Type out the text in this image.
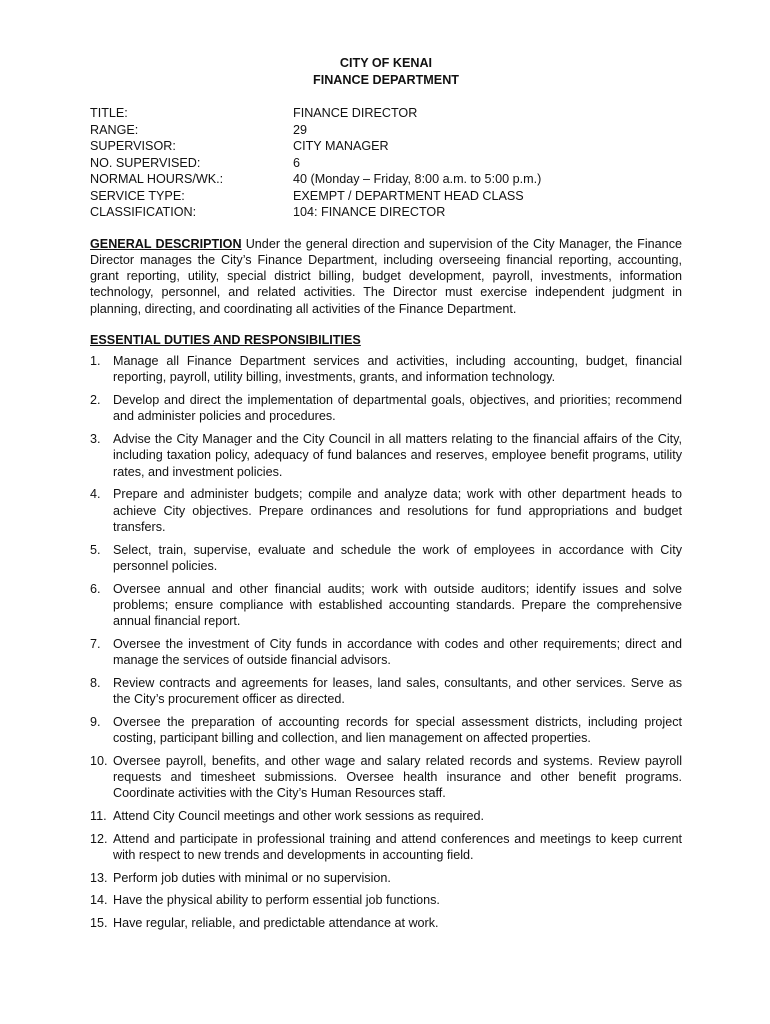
CITY OF KENAI
FINANCE DEPARTMENT
TITLE:	FINANCE DIRECTOR
RANGE:	29
SUPERVISOR:	CITY MANAGER
NO. SUPERVISED:	6
NORMAL HOURS/WK.:	40 (Monday – Friday, 8:00 a.m. to 5:00 p.m.)
SERVICE TYPE:	EXEMPT / DEPARTMENT HEAD CLASS
CLASSIFICATION:	104: FINANCE DIRECTOR
GENERAL DESCRIPTION Under the general direction and supervision of the City Manager, the Finance Director manages the City’s Finance Department, including overseeing financial reporting, accounting, grant reporting, utility, special district billing, budget development, payroll, investments, information technology, personnel, and related activities. The Director must exercise independent judgment in planning, directing, and coordinating all activities of the Finance Department.
ESSENTIAL DUTIES AND RESPONSIBILITIES
1. Manage all Finance Department services and activities, including accounting, budget, financial reporting, payroll, utility billing, investments, grants, and information technology.
2. Develop and direct the implementation of departmental goals, objectives, and priorities; recommend and administer policies and procedures.
3. Advise the City Manager and the City Council in all matters relating to the financial affairs of the City, including taxation policy, adequacy of fund balances and reserves, employee benefit programs, utility rates, and investment policies.
4. Prepare and administer budgets; compile and analyze data; work with other department heads to achieve City objectives. Prepare ordinances and resolutions for fund appropriations and budget transfers.
5. Select, train, supervise, evaluate and schedule the work of employees in accordance with City personnel policies.
6. Oversee annual and other financial audits; work with outside auditors; identify issues and solve problems; ensure compliance with established accounting standards. Prepare the comprehensive annual financial report.
7. Oversee the investment of City funds in accordance with codes and other requirements; direct and manage the services of outside financial advisors.
8. Review contracts and agreements for leases, land sales, consultants, and other services. Serve as the City’s procurement officer as directed.
9. Oversee the preparation of accounting records for special assessment districts, including project costing, participant billing and collection, and lien management on affected properties.
10. Oversee payroll, benefits, and other wage and salary related records and systems. Review payroll requests and timesheet submissions. Oversee health insurance and other benefit programs. Coordinate activities with the City’s Human Resources staff.
11. Attend City Council meetings and other work sessions as required.
12. Attend and participate in professional training and attend conferences and meetings to keep current with respect to new trends and developments in accounting field.
13. Perform job duties with minimal or no supervision.
14. Have the physical ability to perform essential job functions.
15. Have regular, reliable, and predictable attendance at work.
